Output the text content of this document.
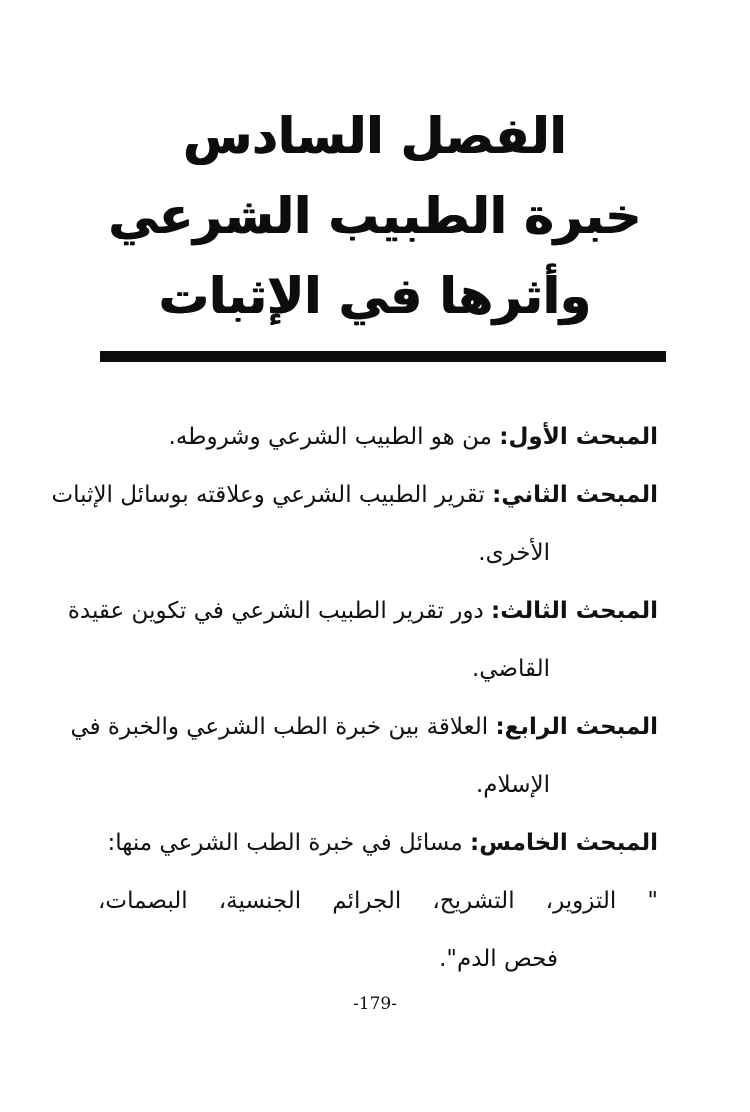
الفصل السادس
خبرة الطبيب الشرعي
وأثرها في الإثبات
المبحث الأول: من هو الطبيب الشرعي وشروطه.
المبحث الثاني: تقرير الطبيب الشرعي وعلاقته بوسائل الإثبات
الأخرى.
المبحث الثالث: دور تقرير الطبيب الشرعي في تكوين عقيدة
القاضي.
المبحث الرابع: العلاقة بين خبرة الطب الشرعي والخبرة في
الإسلام.
المبحث الخامس: مسائل في خبرة الطب الشرعي منها:
" التزوير، التشريح، الجرائم الجنسية، البصمات،
فحص الدم".
-179-
